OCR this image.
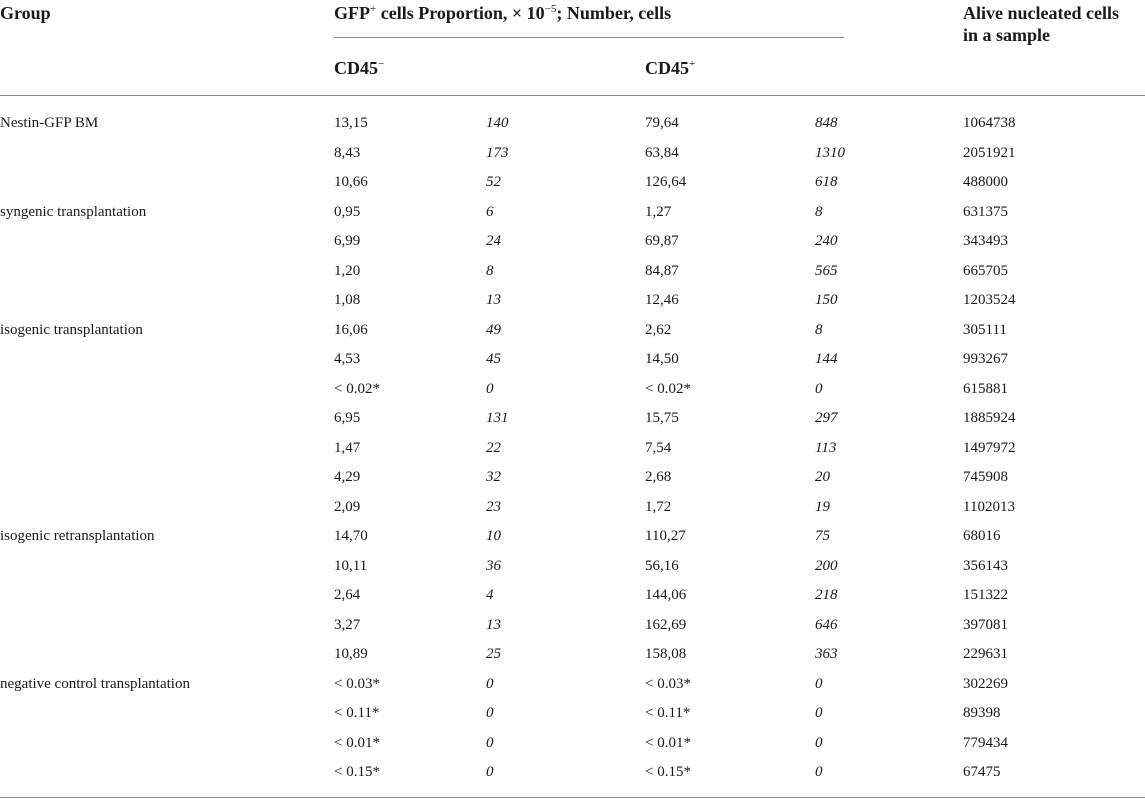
Group	GFP+ cells Proportion, × $10^{-5}$; Number, cells	Alive nucleated cells
in a sample
CD45−	CD45+
Nestin-GFP BM	13,15	140	79,64	848	1064738
8,43	173	63,84	1310	2051921
10,66	52	126,64	618	488000
syngenic transplantation	0,95	6	1,27	8	631375
6,99	24	69,87	240	343493
1,20	8	84,87	565	665705
1,08	13	12,46	150	1203524
isogenic transplantation	16,06	49	2,62	8	305111
4,53	45	14,50	144	993267
< 0.02*	0	< 0.02*	0	615881
6,95	131	15,75	297	1885924
1,47	22	7,54	113	1497972
4,29	32	2,68	20	745908
2,09	23	1,72	19	1102013
isogenic retransplantation	14,70	10	110,27	75	68016
10,11	36	56,16	200	356143
2,64	4	144,06	218	151322
3,27	13	162,69	646	397081
10,89	25	158,08	363	229631
negative control transplantation	< 0.03*	0	< 0.03*	0	302269
< 0.11*	0	< 0.11*	0	89398
< 0.01*	0	< 0.01*	0	779434
< 0.15*	0	< 0.15*	0	67475
